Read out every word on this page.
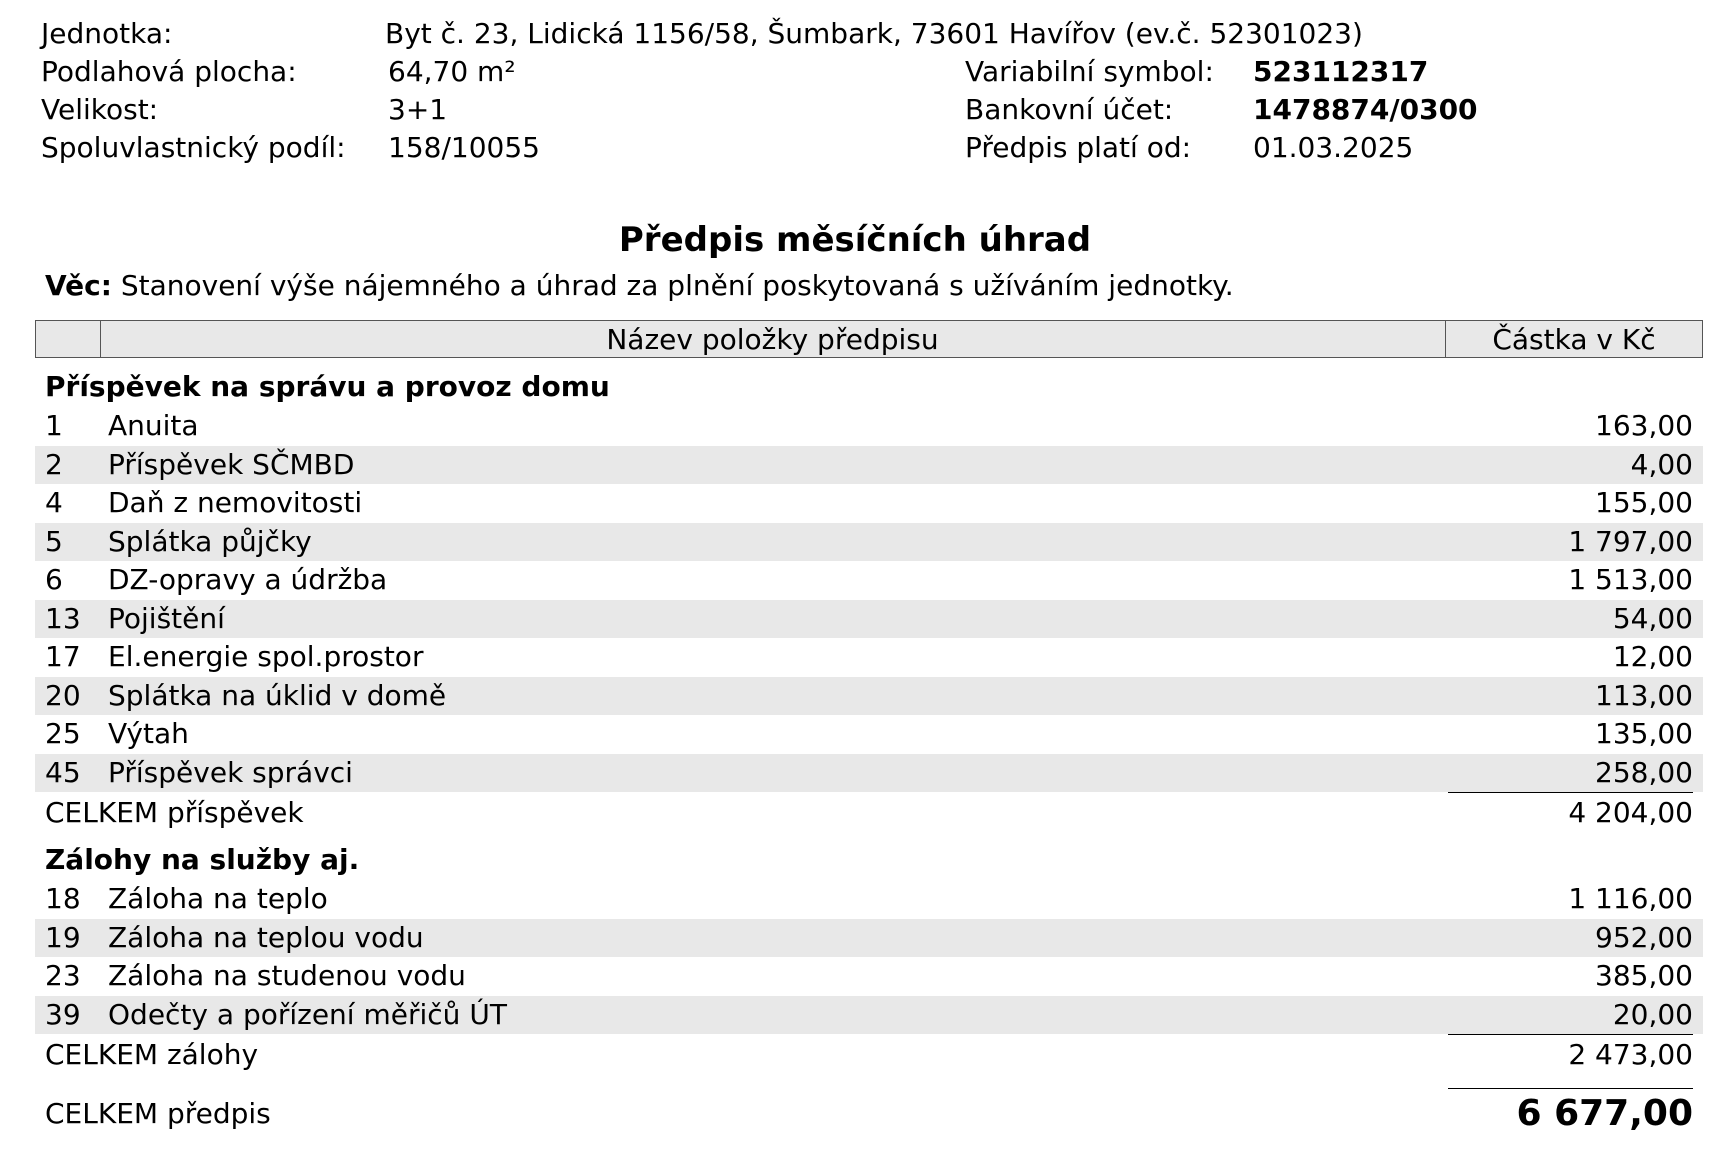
Jednotka:	Byt č. 23, Lidická 1156/58, Šumbark, 73601 Havířov (ev.č. 52301023)
Podlahová plocha:	64,70 m²	Variabilní symbol: 523112317
Velikost:	3+1	Bankovní účet:	1478874/0300
Spoluvlastnický podíl: 158/10055	Předpis platí od: 01.03.2025
Předpis měsíčních úhrad
Věc: Stanovení výše nájemného a úhrad za plnění poskytovaná s užíváním jednotky.
Název položky předpisu	Částka v Kč
Příspěvek na správu a provoz domu
1 Anuita	163,00
2 Příspěvek SČMBD	4,00
4 Daň z nemovitosti	155,00
5 Splátka půjčky	1 797,00
6 DZ-opravy a údržba	1 513,00
13 Pojištění	54,00
17 El.energie spol.prostor	12,00
20 Splátka na úklid v domě	113,00
25 Výtah	135,00
45 Příspěvek správci	258,00
CELKEM příspěvek	4 204,00
Zálohy na služby aj.
18 Záloha na teplo	1 116,00
19 Záloha na teplou vodu	952,00
23 Záloha na studenou vodu	385,00
39 Odečty a pořízení měřičů ÚT	20,00
CELKEM zálohy	2 473,00
CELKEM předpis	6 677,00
